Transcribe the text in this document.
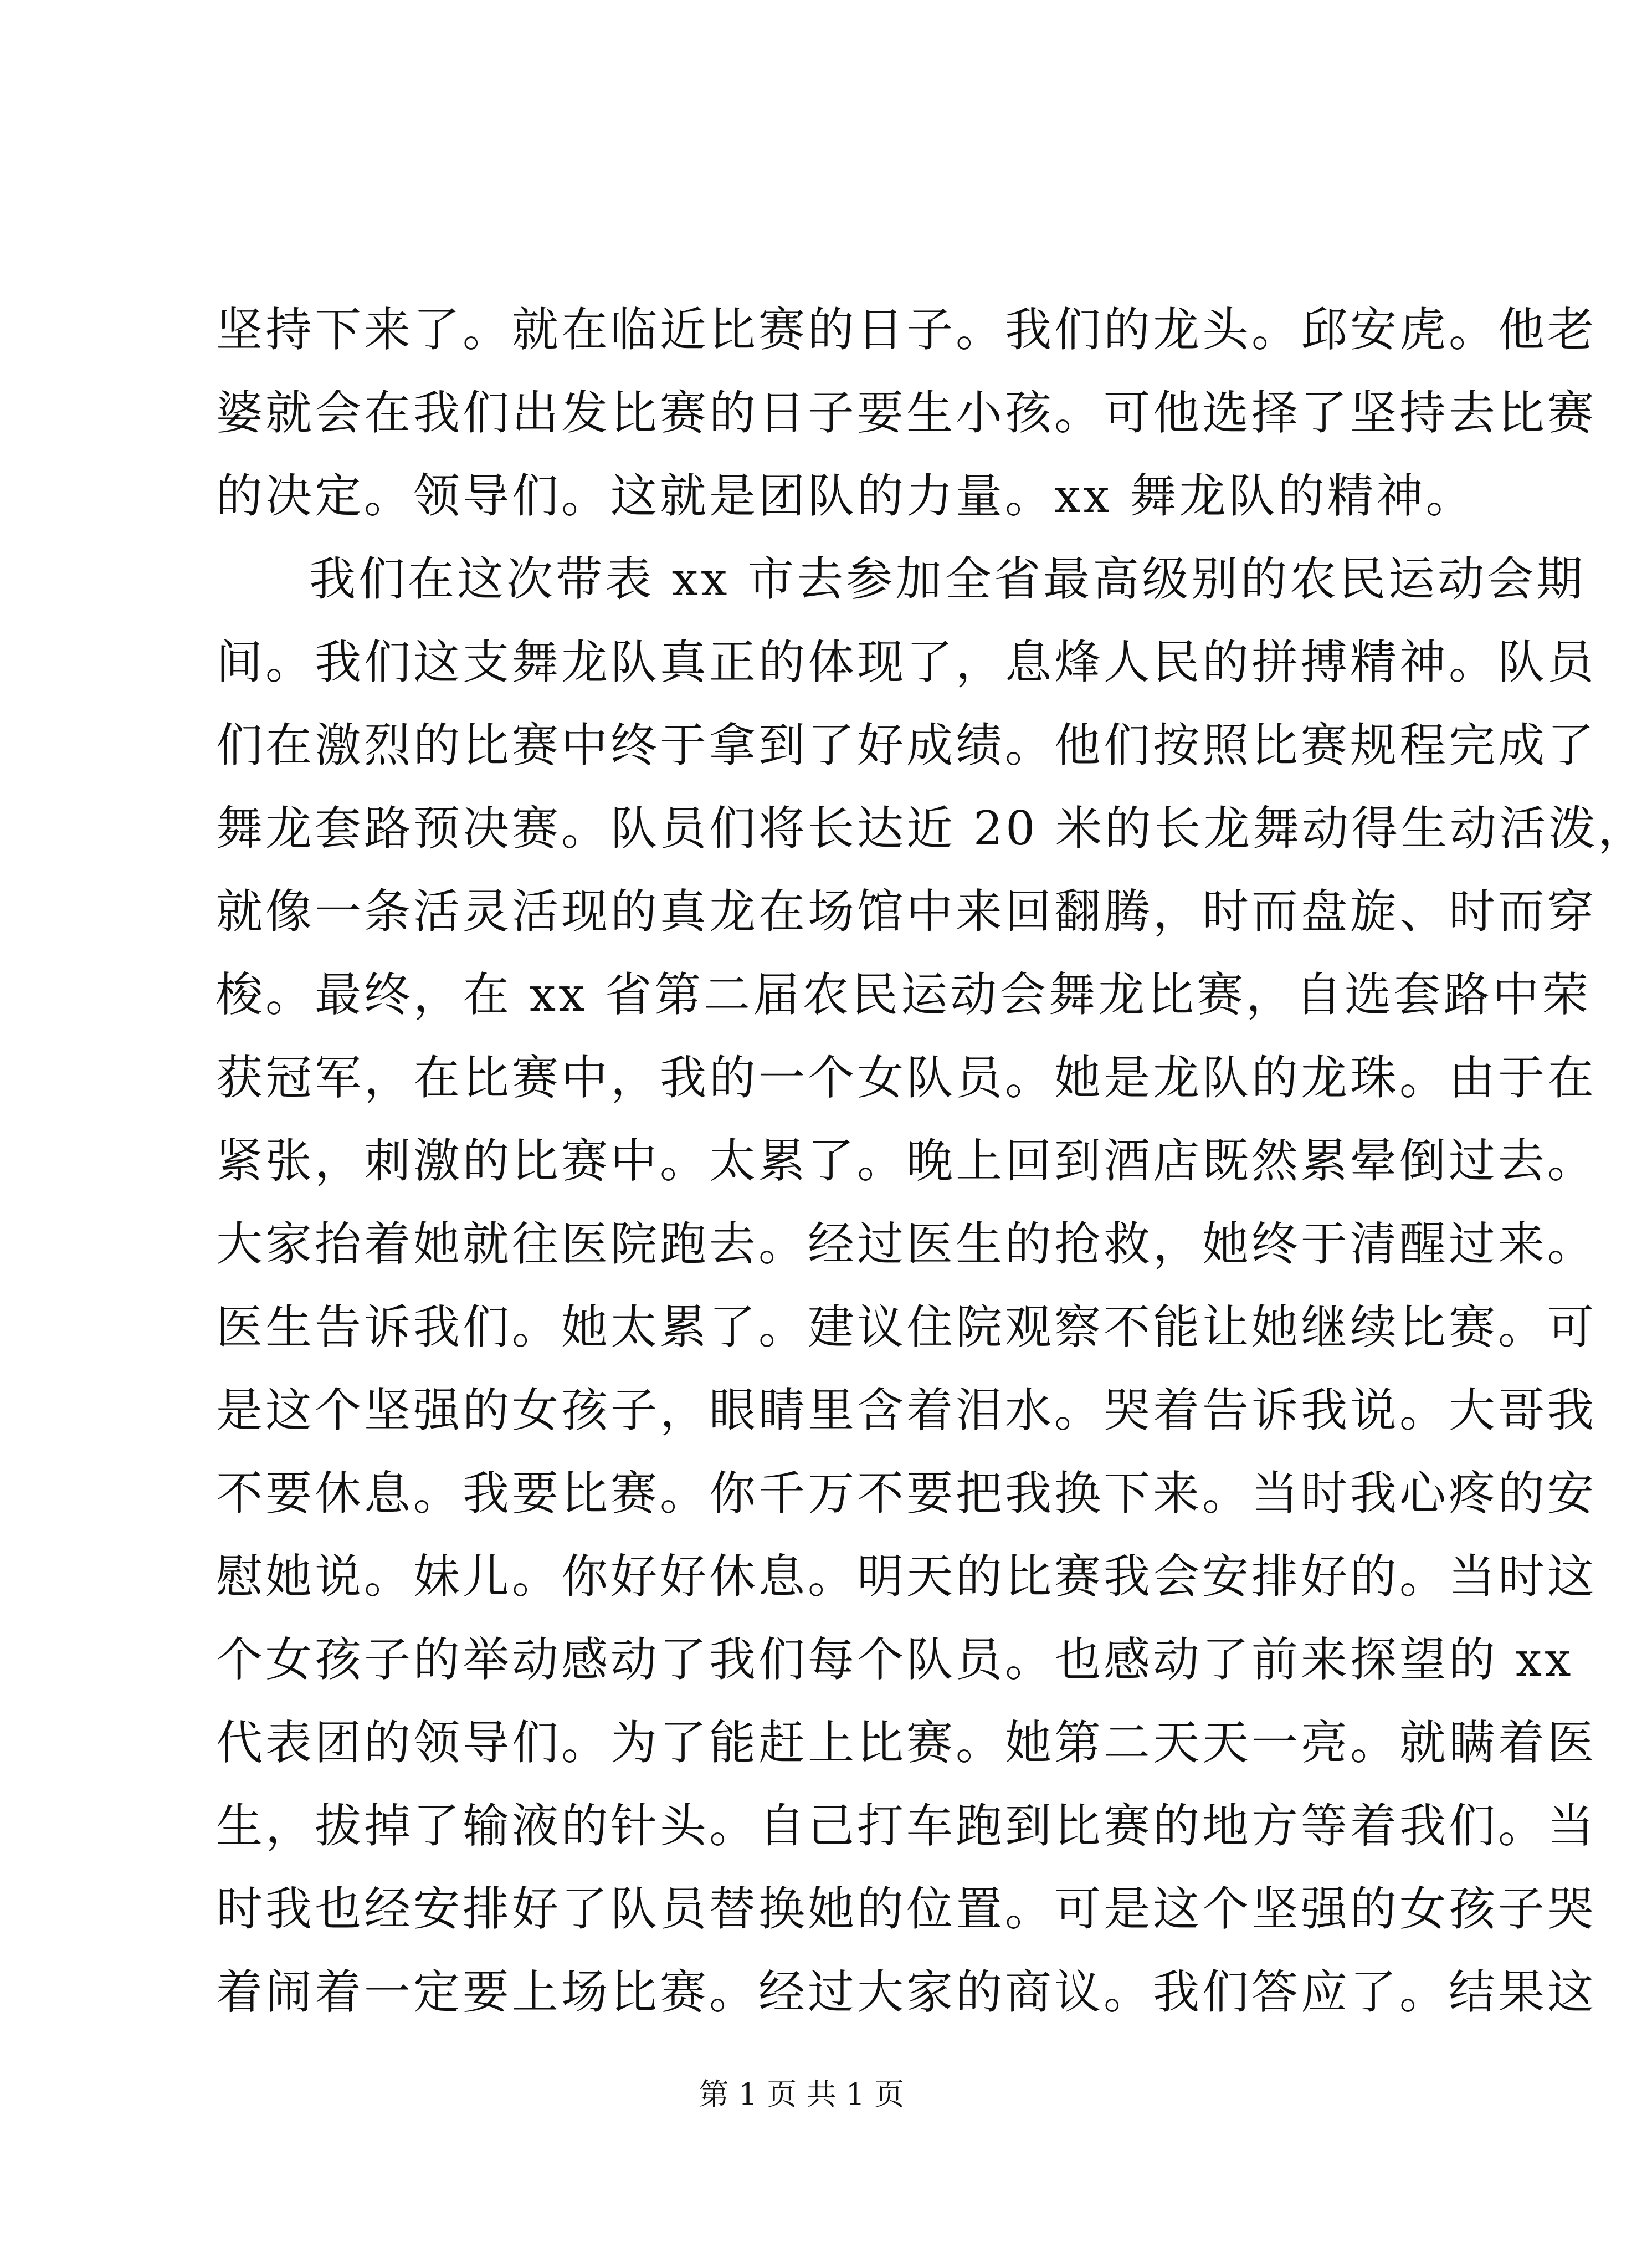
坚持下来了。就在临近比赛的日子。我们的龙头。邱安虎。他老
婆就会在我们出发比赛的日子要生小孩。可他选择了坚持去比赛
的决定。领导们。这就是团队的力量。xx 舞龙队的精神。
我们在这次带表 xx 市去参加全省最高级别的农民运动会期
间。我们这支舞龙队真正的体现了，息烽人民的拼搏精神。队员
们在激烈的比赛中终于拿到了好成绩。他们按照比赛规程完成了
舞龙套路预决赛。队员们将长达近 20 米的长龙舞动得生动活泼，
就像一条活灵活现的真龙在场馆中来回翻腾，时而盘旋、时而穿
梭。最终，在 xx 省第二届农民运动会舞龙比赛，自选套路中荣
获冠军，在比赛中，我的一个女队员。她是龙队的龙珠。由于在
紧张，刺激的比赛中。太累了。晚上回到酒店既然累晕倒过去。
大家抬着她就往医院跑去。经过医生的抢救，她终于清醒过来。
医生告诉我们。她太累了。建议住院观察不能让她继续比赛。可
是这个坚强的女孩子，眼睛里含着泪水。哭着告诉我说。大哥我
不要休息。我要比赛。你千万不要把我换下来。当时我心疼的安
慰她说。妹儿。你好好休息。明天的比赛我会安排好的。当时这
个女孩子的举动感动了我们每个队员。也感动了前来探望的 xx
代表团的领导们。为了能赶上比赛。她第二天天一亮。就瞒着医
生，拔掉了输液的针头。自己打车跑到比赛的地方等着我们。当
时我也经安排好了队员替换她的位置。可是这个坚强的女孩子哭
着闹着一定要上场比赛。经过大家的商议。我们答应了。结果这
第 1 页 共 1 页
